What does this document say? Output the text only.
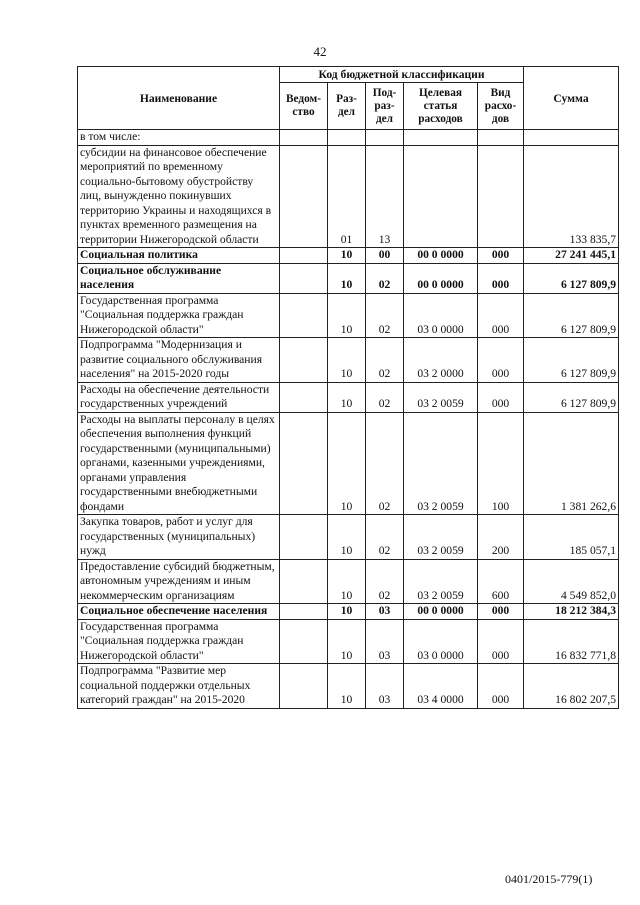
42
Наименование	Код бюджетной классификации					Сумма
	Ведом-ство	Раз-дел	Под-раз-дел	Целевая статья расходов	Вид расхо-дов	
в том числе:						
субсидии на финансовое обеспечение мероприятий по временному социально-бытовому обустройству лиц, вынужденно покинувших территорию Украины и находящихся в пунктах временного размещения на территории Нижегородской области		01	13			133 835,7
Социальная политика		10	00	00 0 0000	000	27 241 445,1
Социальное обслуживание населения		10	02	00 0 0000	000	6 127 809,9
Государственная программа "Социальная поддержка граждан Нижегородской области"		10	02	03 0 0000	000	6 127 809,9
Подпрограмма "Модернизация и развитие социального обслуживания населения" на 2015-2020 годы		10	02	03 2 0000	000	6 127 809,9
Расходы на обеспечение деятельности государственных учреждений		10	02	03 2 0059	000	6 127 809,9
Расходы на выплаты персоналу в целях обеспечения выполнения функций государственными (муниципальными) органами, казенными учреждениями, органами управления государственными внебюджетными фондами		10	02	03 2 0059	100	1 381 262,6
Закупка товаров, работ и услуг для государственных (муниципальных) нужд		10	02	03 2 0059	200	185 057,1
Предоставление субсидий бюджетным, автономным учреждениям и иным некоммерческим организациям		10	02	03 2 0059	600	4 549 852,0
Социальное обеспечение населения		10	03	00 0 0000	000	18 212 384,3
Государственная программа "Социальная поддержка граждан Нижегородской области"		10	03	03 0 0000	000	16 832 771,8
Подпрограмма "Развитие мер социальной поддержки отдельных категорий граждан" на 2015-2020		10	03	03 4 0000	000	16 802 207,5
0401/2015-779(1)
